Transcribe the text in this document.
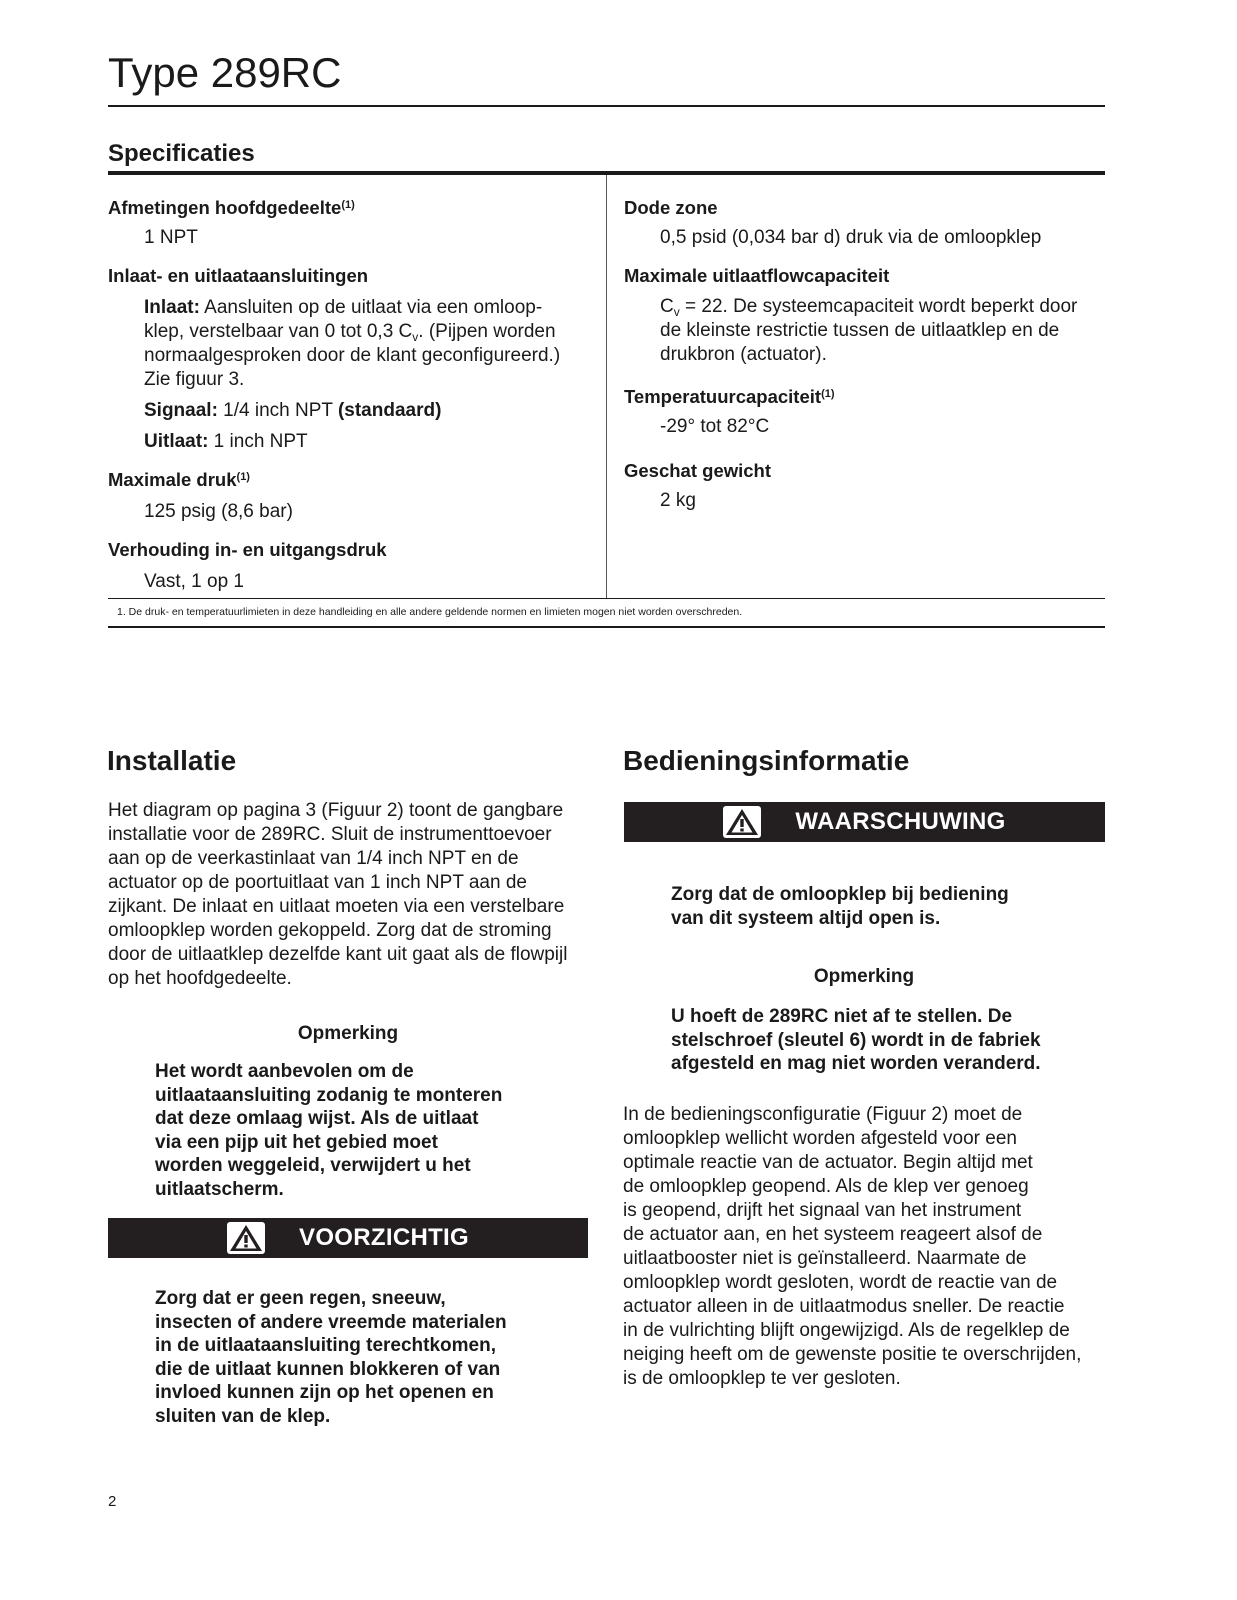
Type 289RC
Specificaties

Afmetingen hoofdgedeelte$^{(1)}$

1 NPT

Inlaat- en uitlaataansluitingen

Inlaat: Aansluiten op de uitlaat via een omloop-
klep, verstelbaar van 0 tot 0,3 $C_v$. (Pijpen worden
normaalgesproken door de klant geconfigureerd.)
Zie figuur 3.
Signaal: 1/4 inch NPT (standaard)
Uitlaat: 1 inch NPT

Maximale druk$^{(1)}$

125 psig (8,6 bar)

Verhouding in- en uitgangsdruk

Vast, 1 op 1

Dode zone

0,5 psid (0,034 bar d) druk via de omloopklep

Maximale uitlaatflowcapaciteit

$C_v = 22$. De systeemcapaciteit wordt beperkt door
de kleinste restrictie tussen de uitlaatklep en de
drukbron (actuator).

Temperatuurcapaciteit$^{(1)}$

-29° tot 82°C

Geschat gewicht

2 kg

1. De druk- en temperatuurlimieten in deze handleiding en alle andere geldende normen en limieten mogen niet worden overschreden.
Installatie
Het diagram op pagina 3 (Figuur 2) toont de gangbare
installatie voor de 289RC. Sluit de instrumenttoevoer
aan op de veerkastinlaat van 1/4 inch NPT en de
actuator op de poortuitlaat van 1 inch NPT aan de
zijkant. De inlaat en uitlaat moeten via een verstelbare
omloopklep worden gekoppeld. Zorg dat de stroming
door de uitlaatklep dezelfde kant uit gaat als de flowpijl
op het hoofdgedeelte.
Opmerking
Het wordt aanbevolen om de
uitlaataansluiting zodanig te monteren
dat deze omlaag wijst. Als de uitlaat
via een pijp uit het gebied moet
worden weggeleid, verwijdert u het
uitlaatscherm.
VOORZICHTIG
Zorg dat er geen regen, sneeuw,
insecten of andere vreemde materialen
in de uitlaataansluiting terechtkomen,
die de uitlaat kunnen blokkeren of van
invloed kunnen zijn op het openen en
sluiten van de klep.
Bedieningsinformatie
WAARSCHUWING
Zorg dat de omloopklep bij bediening
van dit systeem altijd open is.
Opmerking
U hoeft de 289RC niet af te stellen. De
stelschroef (sleutel 6) wordt in de fabriek
afgesteld en mag niet worden veranderd.
In de bedieningsconfiguratie (Figuur 2) moet de
omloopklep wellicht worden afgesteld voor een
optimale reactie van de actuator. Begin altijd met
de omloopklep geopend. Als de klep ver genoeg
is geopend, drijft het signaal van het instrument
de actuator aan, en het systeem reageert alsof de
uitlaatbooster niet is geïnstalleerd. Naarmate de
omloopklep wordt gesloten, wordt de reactie van de
actuator alleen in de uitlaatmodus sneller. De reactie
in de vulrichting blijft ongewijzigd. Als de regelklep de
neiging heeft om de gewenste positie te overschrijden,
is de omloopklep te ver gesloten.
2
